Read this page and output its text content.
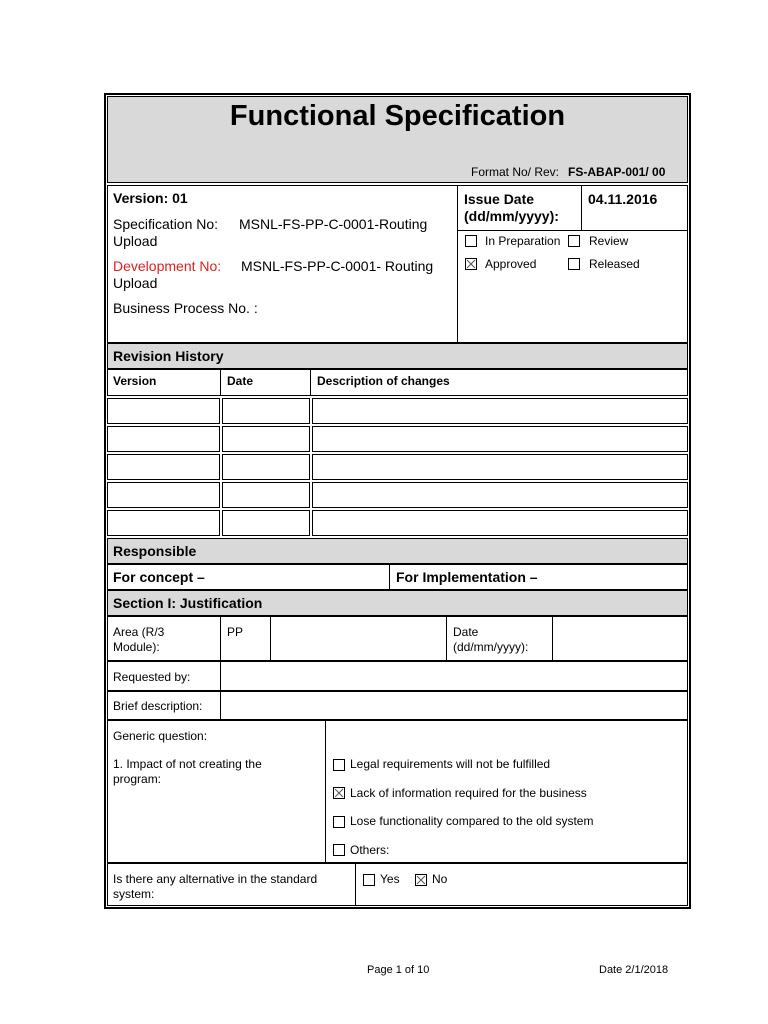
Functional Specification
Format No/ Rev: FS-ABAP-001/ 00
Version: 01
Specification No: MSNL-FS-PP-C-0001-Routing
Upload
Development No: MSNL-FS-PP-C-0001- Routing
Upload
Business Process No. :
Issue Date
(dd/mm/yyyy):
04.11.2016
In Preparation Review
Approved	Released
Revision History
Version	Date	Description of changes
Responsible
For concept –	For Implementation –
Section I: Justification
Area (R/3
Module):
PP	Date
(dd/mm/yyyy):
Requested by:
Brief description:
Generic question:
1. Impact of not creating the
program:
Legal requirements will not be fulfilled
Lack of information required for the business
Lose functionality compared to the old system
Others:
Is there any alternative in the standard
system:
Yes	No
Page 1 of 10	Date 2/1/2018
